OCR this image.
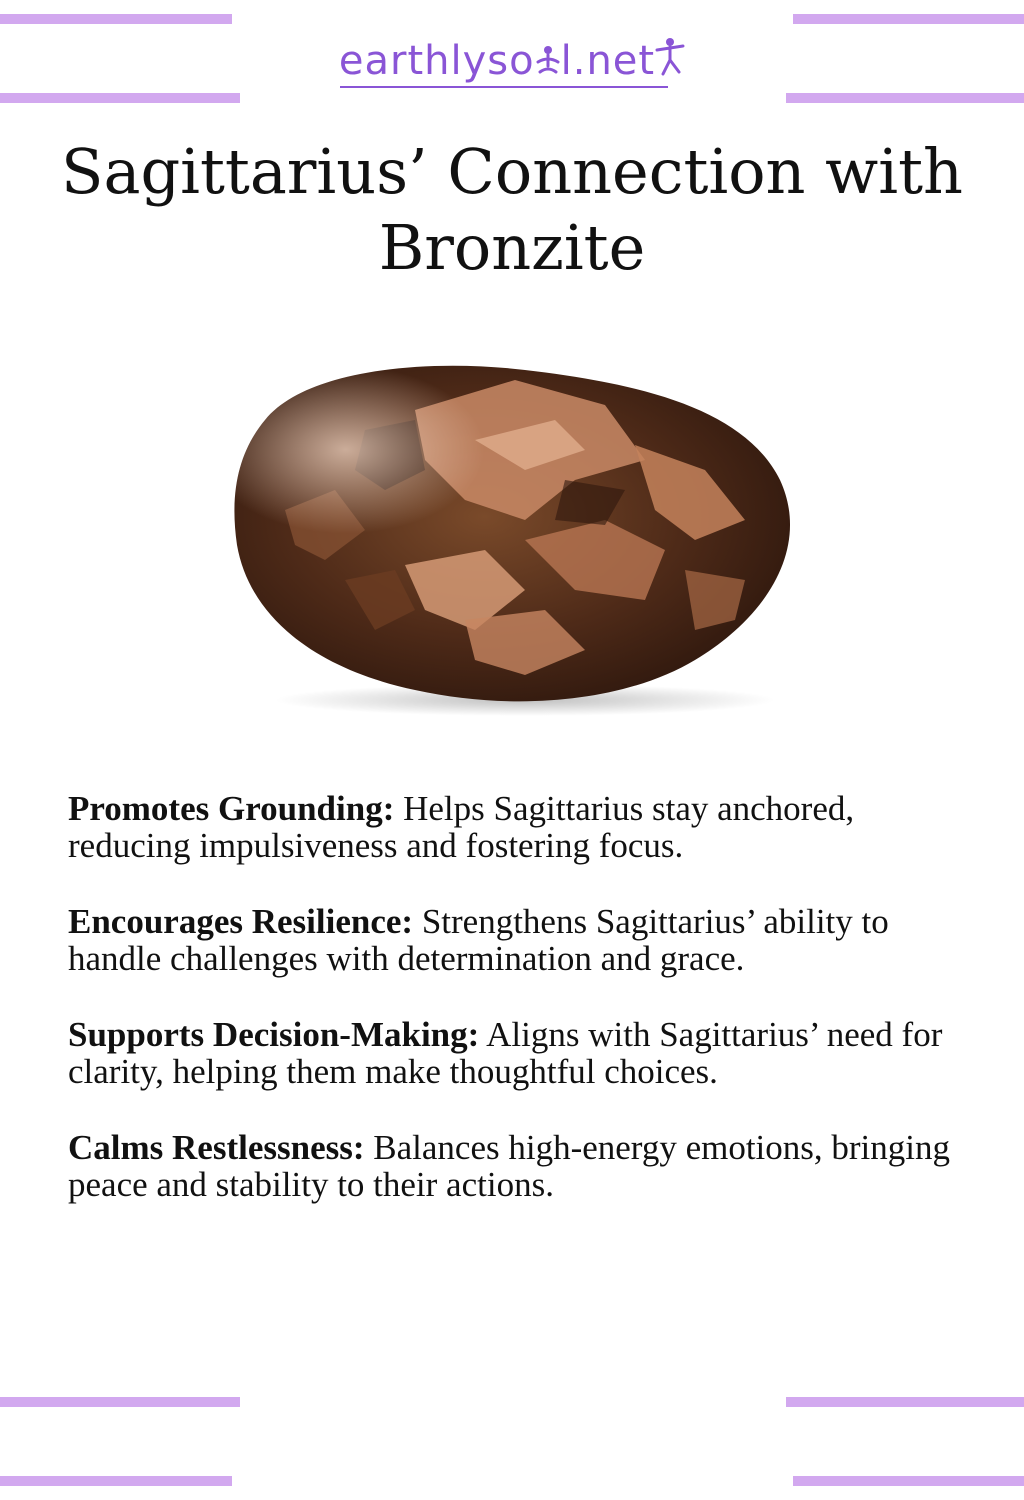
earthlyso l.net
Sagittarius’ Connection with
Bronzite

Promotes Grounding: Helps Sagittarius stay anchored, reducing impulsiveness and fostering focus.

Encourages Resilience: Strengthens Sagittarius’ ability to handle challenges with determination and grace.

Supports Decision-Making: Aligns with Sagittarius’ need for clarity, helping them make thoughtful choices.

Calms Restlessness: Balances high-energy emotions, bringing peace and stability to their actions.
